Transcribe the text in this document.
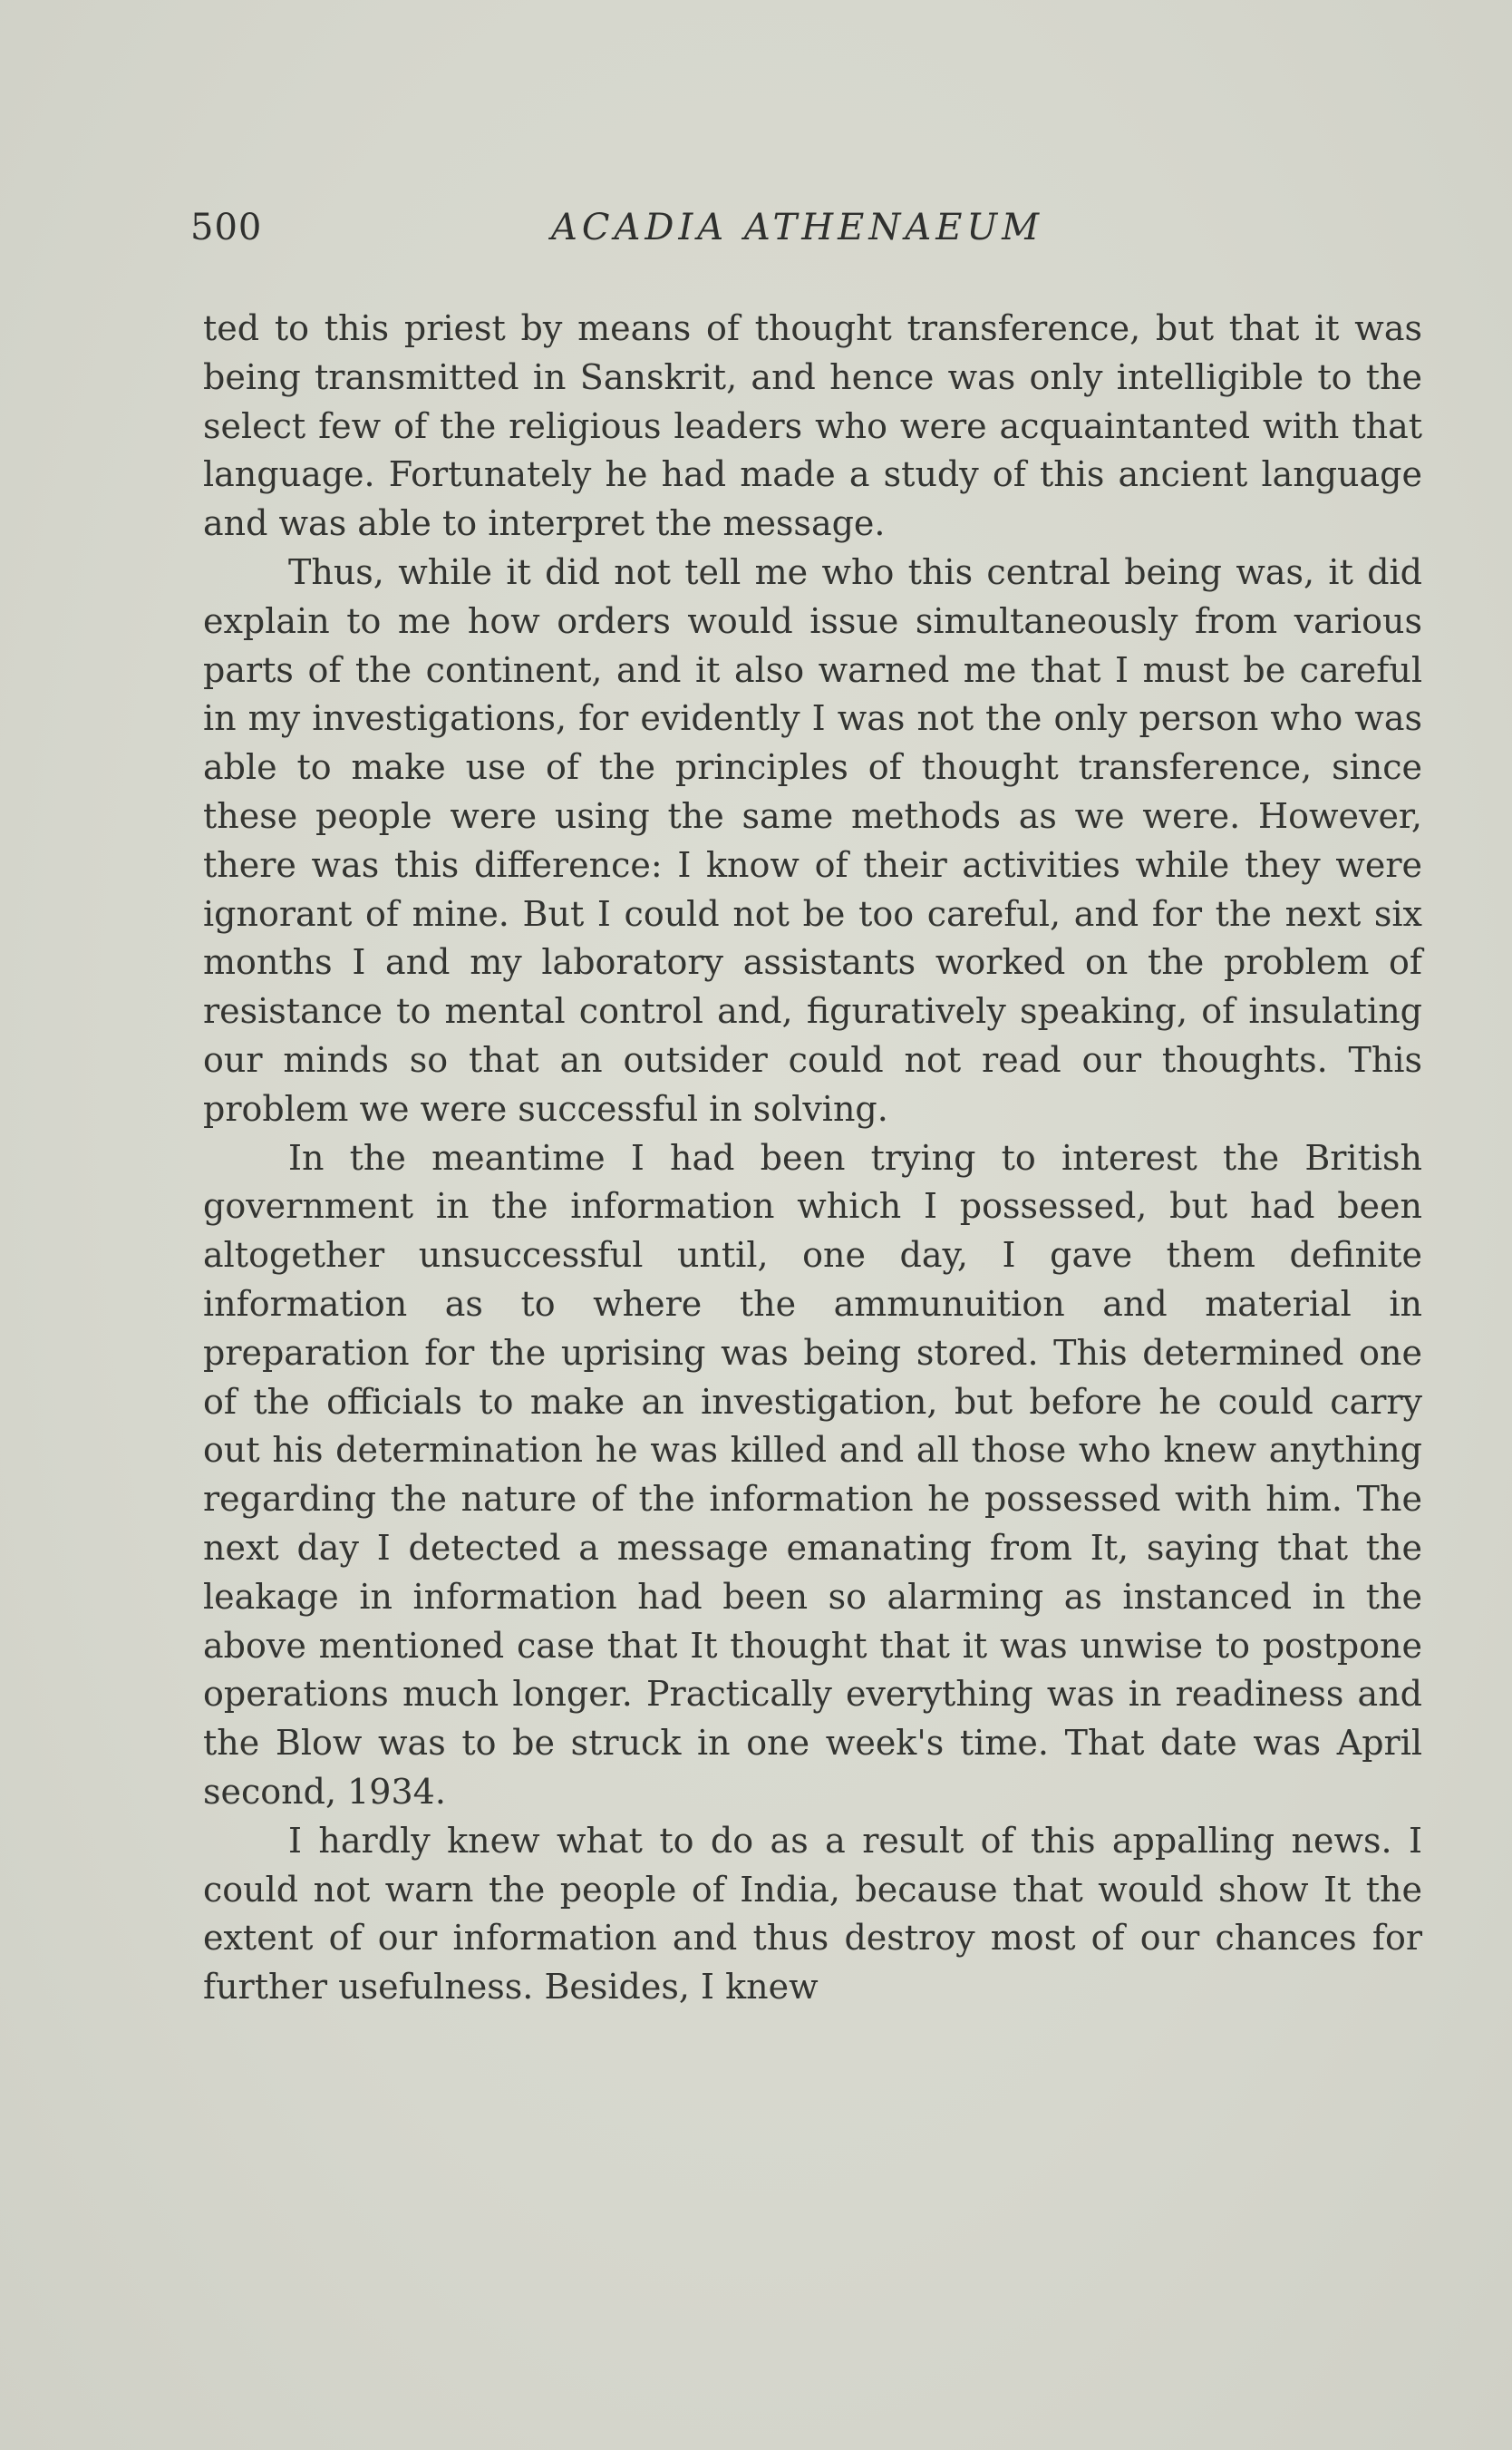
500	ACADIA ATHENAEUM

ted to this priest by means of thought transference, but that it was being transmitted in Sanskrit, and hence was only intelligible to the select few of the religious leaders who were acquaintanted with that language. Fortunately he had made a study of this ancient language and was able to interpret the message.

Thus, while it did not tell me who this central being was, it did explain to me how orders would issue simultaneously from various parts of the continent, and it also warned me that I must be careful in my investigations, for evidently I was not the only person who was able to make use of the principles of thought transference, since these people were using the same methods as we were. However, there was this difference: I know of their activities while they were ignorant of mine. But I could not be too careful, and for the next six months I and my laboratory assistants worked on the problem of resistance to mental control and, figuratively speaking, of insulating our minds so that an outsider could not read our thoughts. This problem we were successful in solving.

In the meantime I had been trying to interest the British government in the information which I possessed, but had been altogether unsuccessful until, one day, I gave them definite information as to where the ammunuition and material in preparation for the uprising was being stored. This determined one of the officials to make an investigation, but before he could carry out his determination he was killed and all those who knew anything regarding the nature of the information he possessed with him. The next day I detected a message emanating from It, saying that the leakage in information had been so alarming as instanced in the above mentioned case that It thought that it was unwise to postpone operations much longer. Practically everything was in readiness and the Blow was to be struck in one week's time. That date was April second, 1934.

I hardly knew what to do as a result of this appalling news. I could not warn the people of India, because that would show It the extent of our information and thus destroy most of our chances for further usefulness. Besides, I knew
